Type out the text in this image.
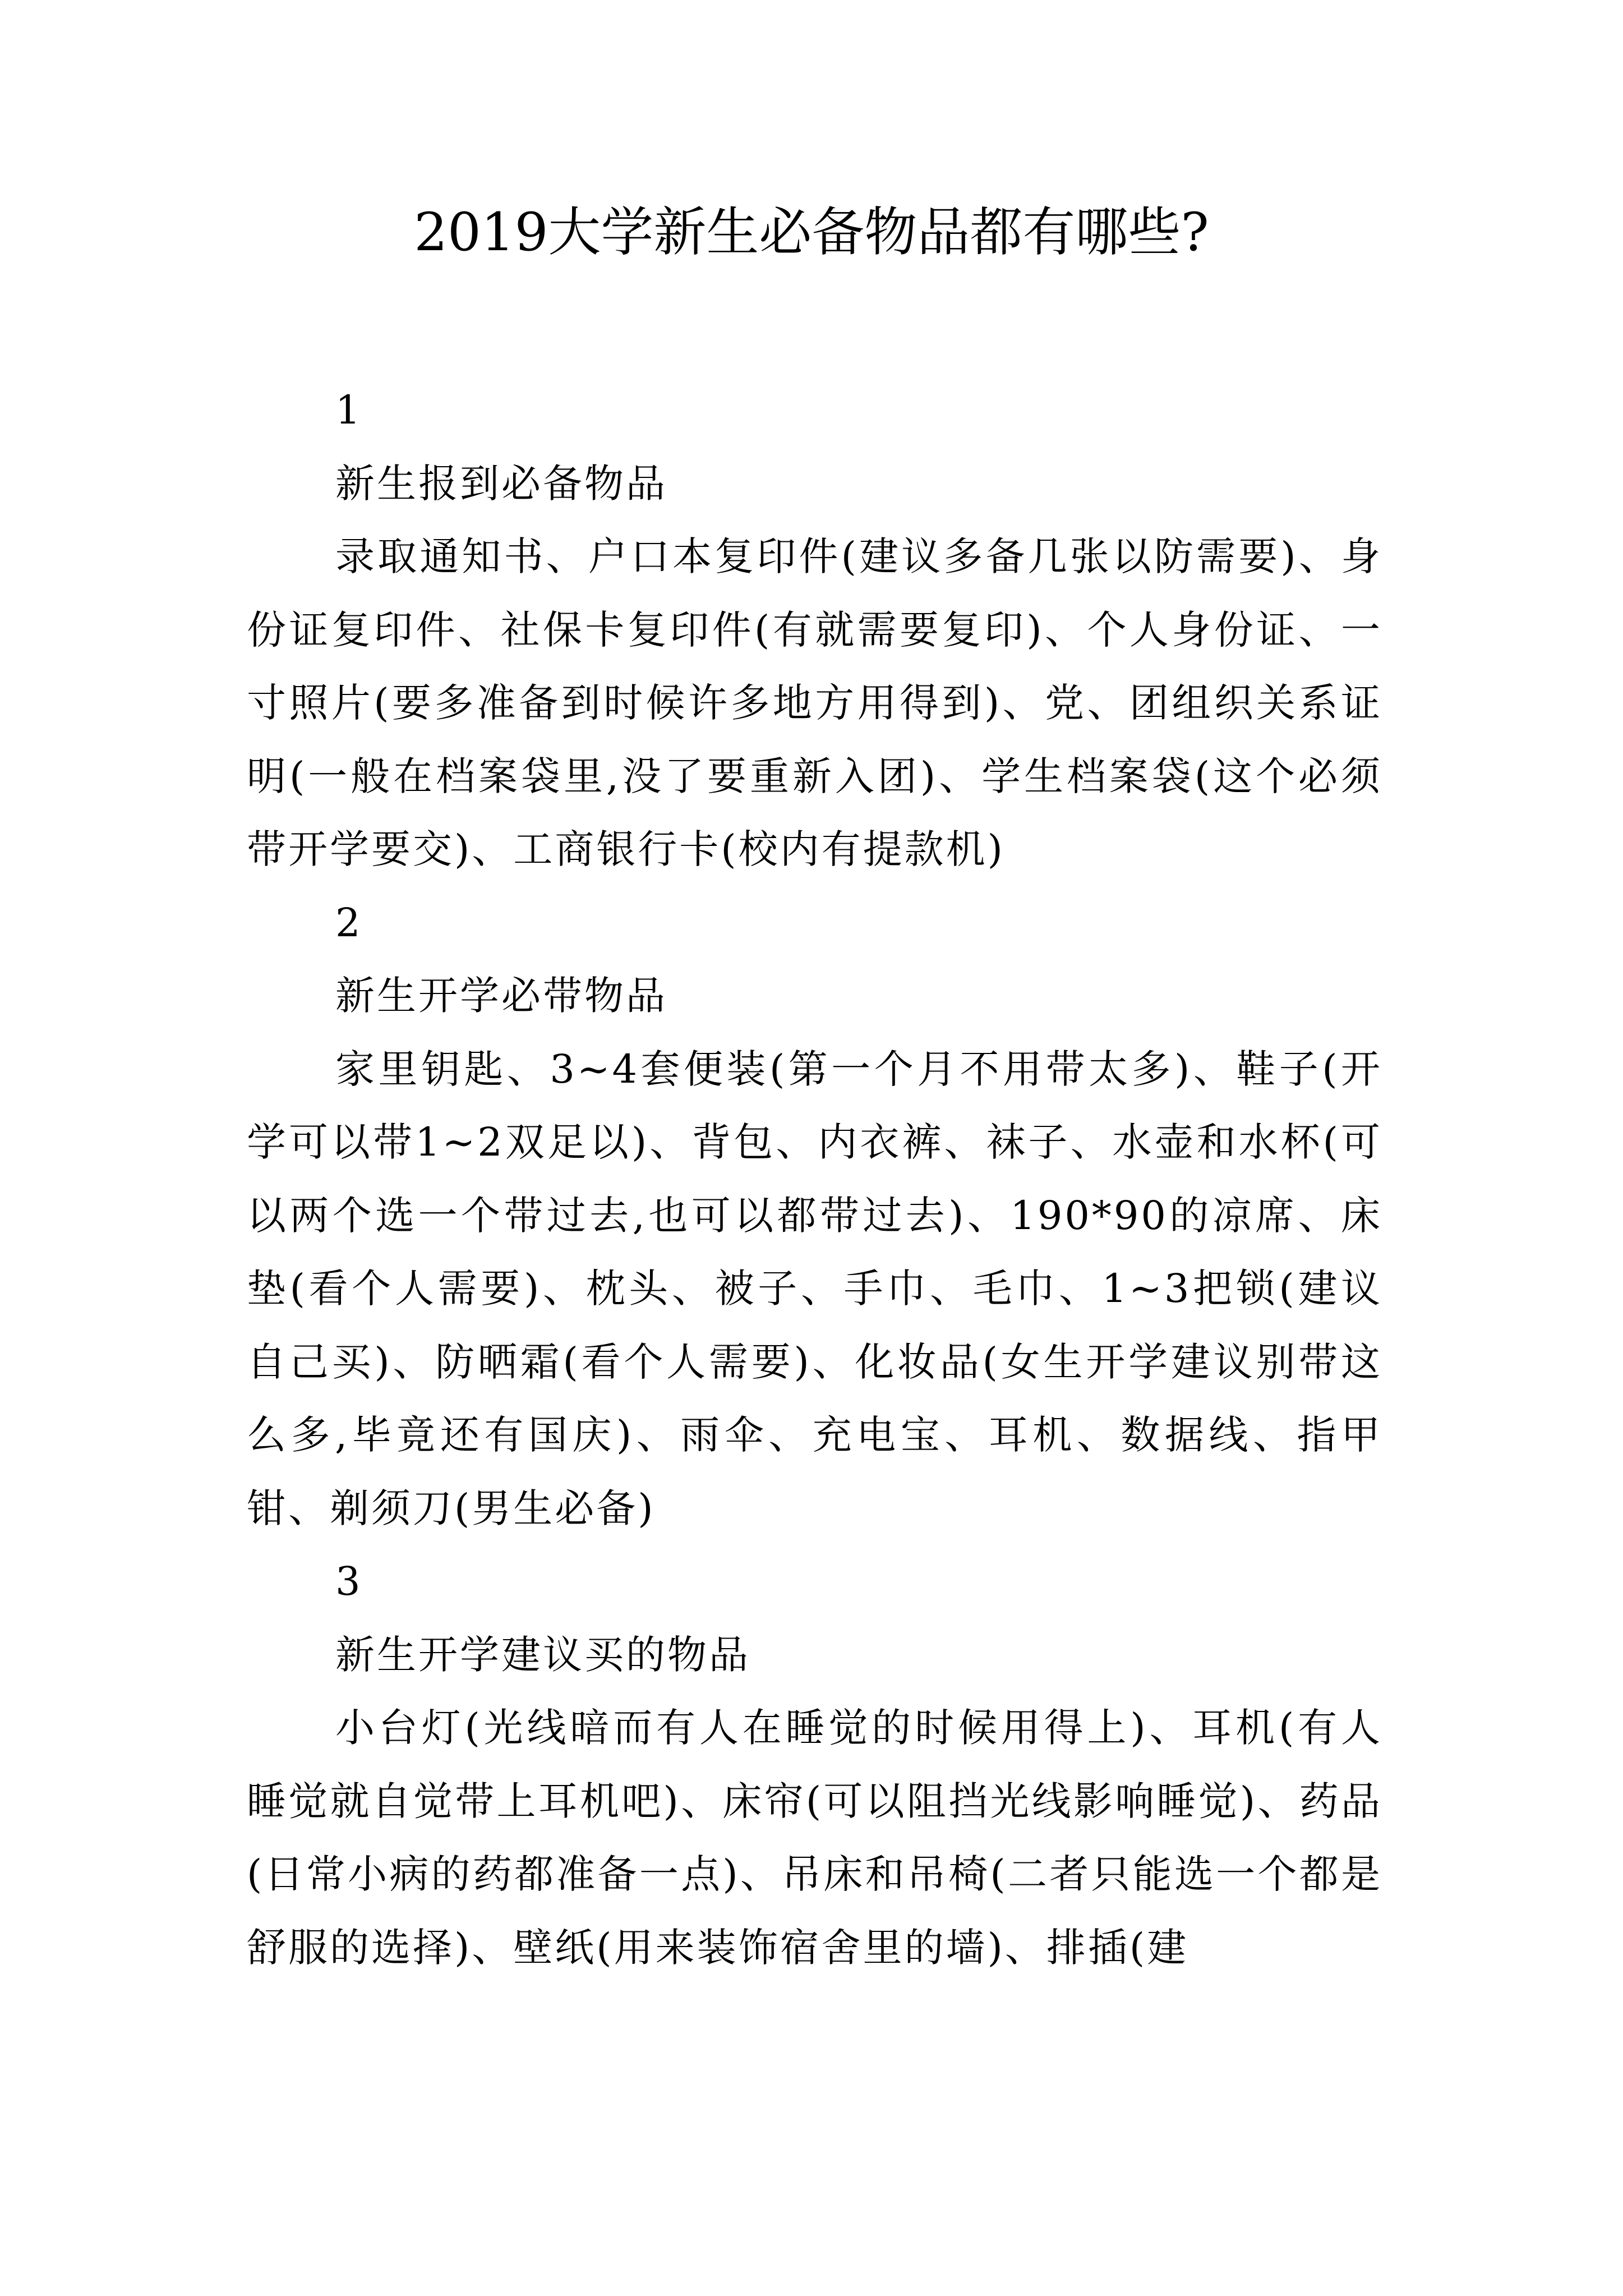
2019大学新生必备物品都有哪些?

1

新生报到必备物品

录取通知书、户口本复印件(建议多备几张以防需要)、身份证复印件、社保卡复印件(有就需要复印)、个人身份证、一寸照片(要多准备到时候许多地方用得到)、党、团组织关系证明(一般在档案袋里,没了要重新入团)、学生档案袋(这个必须带开学要交)、工商银行卡(校内有提款机)

2

新生开学必带物品

家里钥匙、3~4套便装(第一个月不用带太多)、鞋子(开学可以带1~2双足以)、背包、内衣裤、袜子、水壶和水杯(可以两个选一个带过去,也可以都带过去)、190*90的凉席、床垫(看个人需要)、枕头、被子、手巾、毛巾、1~3把锁(建议自己买)、防晒霜(看个人需要)、化妆品(女生开学建议别带这么多,毕竟还有国庆)、雨伞、充电宝、耳机、数据线、指甲钳、剃须刀(男生必备)

3

新生开学建议买的物品

小台灯(光线暗而有人在睡觉的时候用得上)、耳机(有人睡觉就自觉带上耳机吧)、床帘(可以阻挡光线影响睡觉)、药品(日常小病的药都准备一点)、吊床和吊椅(二者只能选一个都是舒服的选择)、壁纸(用来装饰宿舍里的墙)、排插(建
